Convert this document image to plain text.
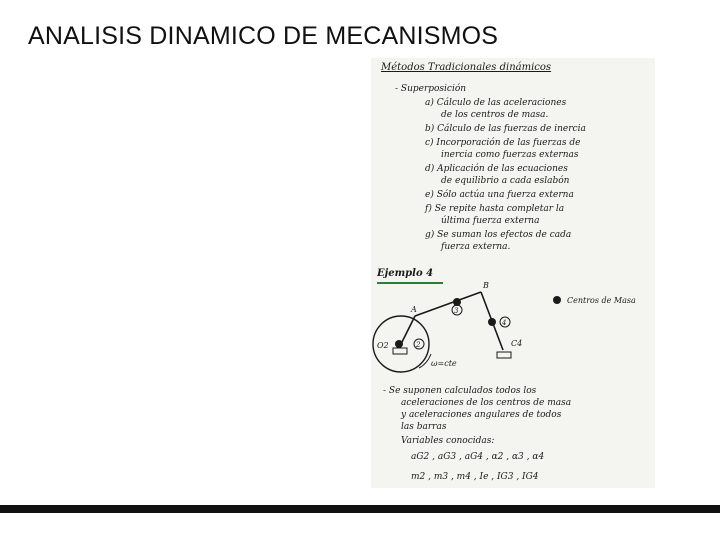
ANALISIS DINAMICO DE MECANISMOS
Métodos Tradicionales dinámicos
- Superposición
a) Cálculo de las aceleraciones
de los centros de masa.
b) Cálculo de las fuerzas de inercia
c) Incorporación de las fuerzas de
inercia como fuerzas externas
d) Aplicación de las ecuaciones
de equilibrio a cada eslabón
e) Sólo actúa una fuerza externa
f) Se repite hasta completar la
última fuerza externa
g) Se suman los efectos de cada
fuerza externa.
Ejemplo 4
A
B
O2	C4
2
3
4
ω=cte
Centros de Masa
- Se suponen calculados todos los
aceleraciones de los centros de masa
y aceleraciones angulares de todos
las barras
Variables conocidas:
aG2 , aG3 , aG4 , α2 , α3 , α4
m2 , m3 , m4 , Ie , IG3 , IG4
